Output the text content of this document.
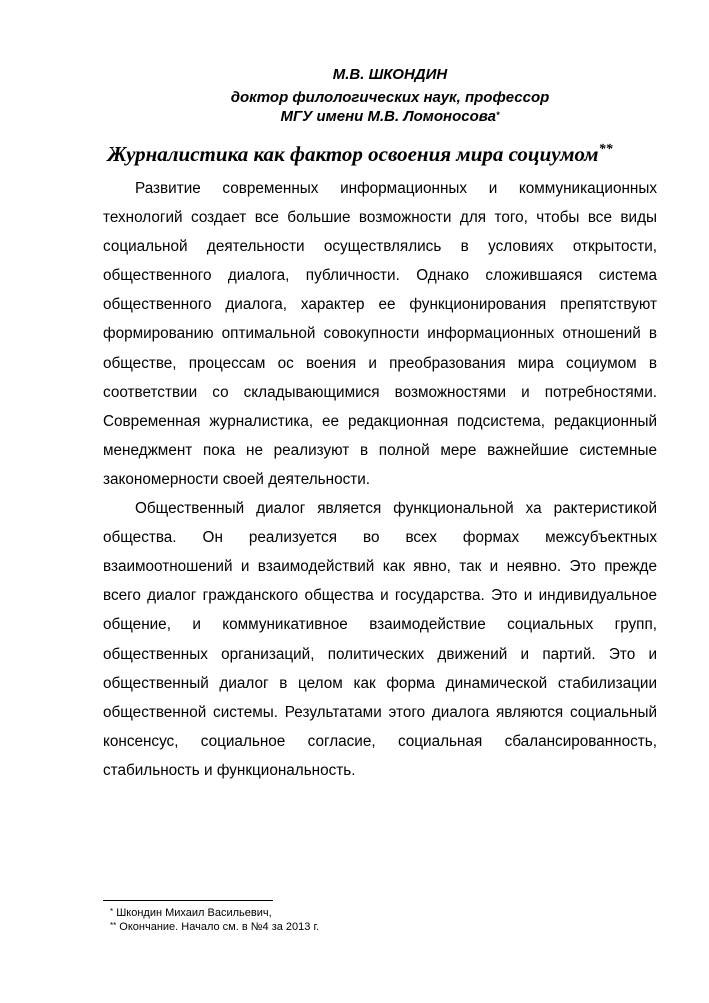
М.В. ШКОНДИН
доктор филологических наук, профессор
МГУ имени М.В. Ломоносова*
Журналистика как фактор освоения мира социумом**

Развитие современных информационных и коммуникационных технологий создает все большие возможности для того, чтобы все виды социальной деятельности осуществлялись в условиях открытости, общественного диалога, публичности. Однако сложившаяся система общественного диалога, характер ее функционирования препятствуют формированию оптимальной совокупности информационных отношений в обществе, процессам ос воения и преобразования мира социумом в соответствии со складывающимися возможностями и потребностями. Современная журналистика, ее редакционная подсистема, редакционный менеджмент пока не реализуют в полной мере важнейшие системные закономерности своей деятельности.

Общественный диалог является функциональной ха рактеристикой общества. Он реализуется во всех формах межсубъектных взаимоотношений и взаимодействий как явно, так и неявно. Это прежде всего диалог гражданского общества и государства. Это и индивидуальное общение, и коммуникативное взаимодействие социальных групп, общественных организаций, политических движений и партий. Это и общественный диалог в целом как форма динамической стабилизации общественной системы. Результатами этого диалога являются социальный консенсус, социальное согласие, социальная сбалансированность, стабильность и функциональность.

* Шкондин Михаил Васильевич,
** Окончание. Начало см. в №4 за 2013 г.
